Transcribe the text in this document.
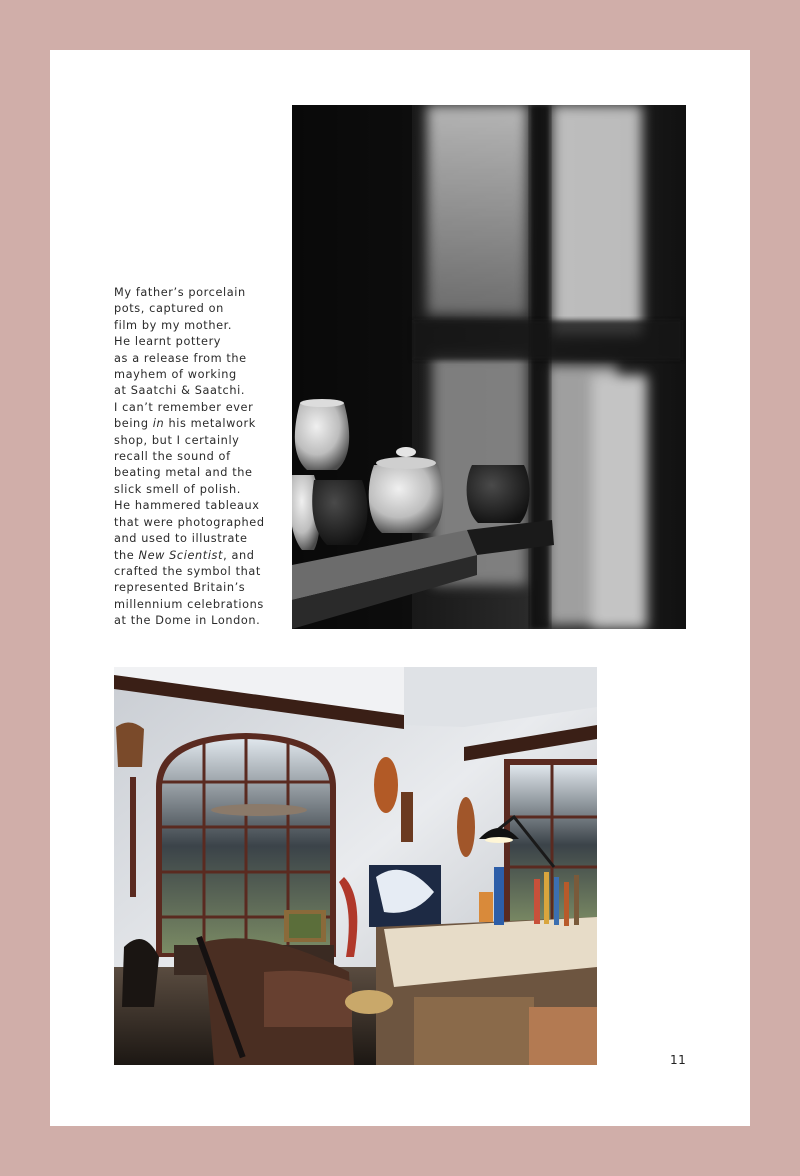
My father’s porcelain
pots, captured on
film by my mother.
He learnt pottery
as a release from the
mayhem of working
at Saatchi & Saatchi.
I can’t remember ever
being in his metalwork
shop, but I certainly
recall the sound of
beating metal and the
slick smell of polish.
He hammered tableaux
that were photographed
and used to illustrate
the New Scientist, and
crafted the symbol that
represented Britain’s
millennium celebrations
at the Dome in London.
11
